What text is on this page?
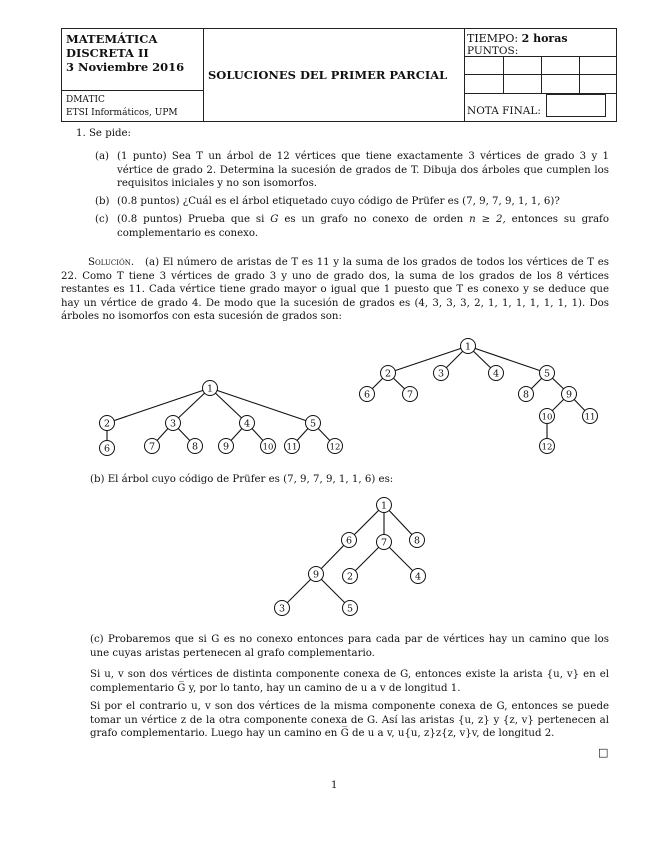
MATEMÁTICA
DISCRETA II
3 Noviembre 2016
SOLUCIONES DEL PRIMER PARCIAL
DMATIC
ETSI Informáticos, UPM
TIEMPO: 2 horas
PUNTOS:
NOTA FINAL:
1. Se pide:
(a) (1 punto) Sea T un árbol de 12 vértices que tiene exactamente 3 vértices de grado 3 y 1 vértice de grado 2. Determina la sucesión de grados de T. Dibuja dos árboles que cumplen los requisitos iniciales y no son isomorfos.
(b) (0.8 puntos) ¿Cuál es el árbol etiquetado cuyo código de Prüfer es (7, 9, 7, 9, 1, 1, 6)?
(c) (0.8 puntos) Prueba que si G es un grafo no conexo de orden n ≥ 2, entonces su grafo complementario es conexo.
Solución. (a) El número de aristas de T es 11 y la suma de los grados de todos los vértices de T es 22. Como T tiene 3 vértices de grado 3 y uno de grado dos, la suma de los grados de los 8 vértices restantes es 11. Cada vértice tiene grado mayor o igual que 1 puesto que T es conexo y se deduce que hay un vértice de grado 4. De modo que la sucesión de grados es (4, 3, 3, 3, 2, 1, 1, 1, 1, 1, 1, 1). Dos árboles no isomorfos con esta sucesión de grados son:
1
2	3	4	5
6	7	8	9	10 11	12
1
2	3	4	5
6	7	8	9
10	11
12
(b) El árbol cuyo código de Prüfer es (7, 9, 7, 9, 1, 1, 6) es:
1
6	7	8
9	2	4
3	5
(c) Probaremos que si G es no conexo entonces para cada par de vértices hay un camino que los une cuyas aristas pertenecen al grafo complementario.
Si u, v son dos vértices de distinta componente conexa de G, entonces existe la arista {u, v} en el complementario G̅ y, por lo tanto, hay un camino de u a v de longitud 1.
Si por el contrario u, v son dos vértices de la misma componente conexa de G, entonces se puede tomar un vértice z de la otra componente conexa de G. Así las aristas {u, z} y {z, v} pertenecen al grafo complementario. Luego hay un camino en G̅ de u a v, u{u, z}z{z, v}v, de longitud 2.
□
1
